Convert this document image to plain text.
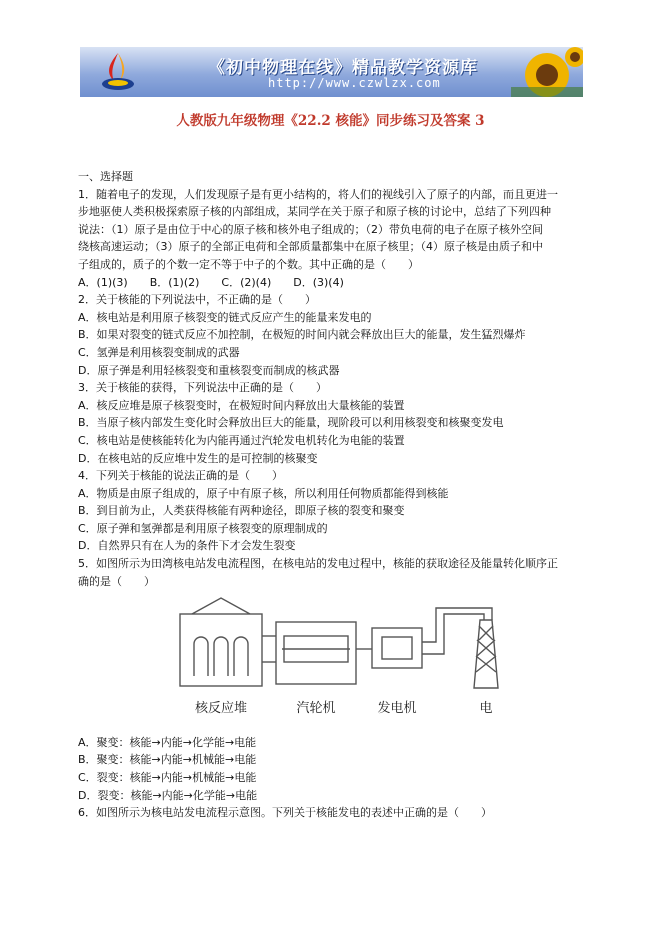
《初中物理在线》精品教学资源库
http://www.czwlzx.com
人教版九年级物理《22.2 核能》同步练习及答案 3

一、选择题

1．随着电子的发现，人们发现原子是有更小结构的，将人们的视线引入了原子的内部，而且更进一

步地驱使人类积极探索原子核的内部组成，某同学在关于原子和原子核的讨论中，总结了下列四种

说法：（1）原子是由位于中心的原子核和核外电子组成的；（2）带负电荷的电子在原子核外空间

绕核高速运动；（3）原子的全部正电荷和全部质量都集中在原子核里；（4）原子核是由质子和中

子组成的，质子的个数一定不等于中子的个数。其中正确的是（　　）

A．(1)(3)　　B．(1)(2)　　C．(2)(4)　　D．(3)(4)

2．关于核能的下列说法中，不正确的是（　　）

A．核电站是利用原子核裂变的链式反应产生的能量来发电的

B．如果对裂变的链式反应不加控制，在极短的时间内就会释放出巨大的能量，发生猛烈爆炸

C．氢弹是利用核裂变制成的武器

D．原子弹是利用轻核裂变和重核裂变而制成的核武器

3．关于核能的获得，下列说法中正确的是（　　）

A．核反应堆是原子核裂变时，在极短时间内释放出大量核能的装置

B．当原子核内部发生变化时会释放出巨大的能量，现阶段可以利用核裂变和核聚变发电

C．核电站是使核能转化为内能再通过汽轮发电机转化为电能的装置

D．在核电站的反应堆中发生的是可控制的核聚变

4．下列关于核能的说法正确的是（　　）

A．物质是由原子组成的，原子中有原子核，所以利用任何物质都能得到核能

B．到目前为止，人类获得核能有两种途径，即原子核的裂变和聚变

C．原子弹和氢弹都是利用原子核裂变的原理制成的

D．自然界只有在人为的条件下才会发生裂变

5．如图所示为田湾核电站发电流程图，在核电站的发电过程中，核能的获取途径及能量转化顺序正

确的是（　　）

核反应堆	汽轮机	发电机	电

A．聚变：核能→内能→化学能→电能

B．聚变：核能→内能→机械能→电能

C．裂变：核能→内能→机械能→电能

D．裂变：核能→内能→化学能→电能

6．如图所示为核电站发电流程示意图。下列关于核能发电的表述中正确的是（　　）
